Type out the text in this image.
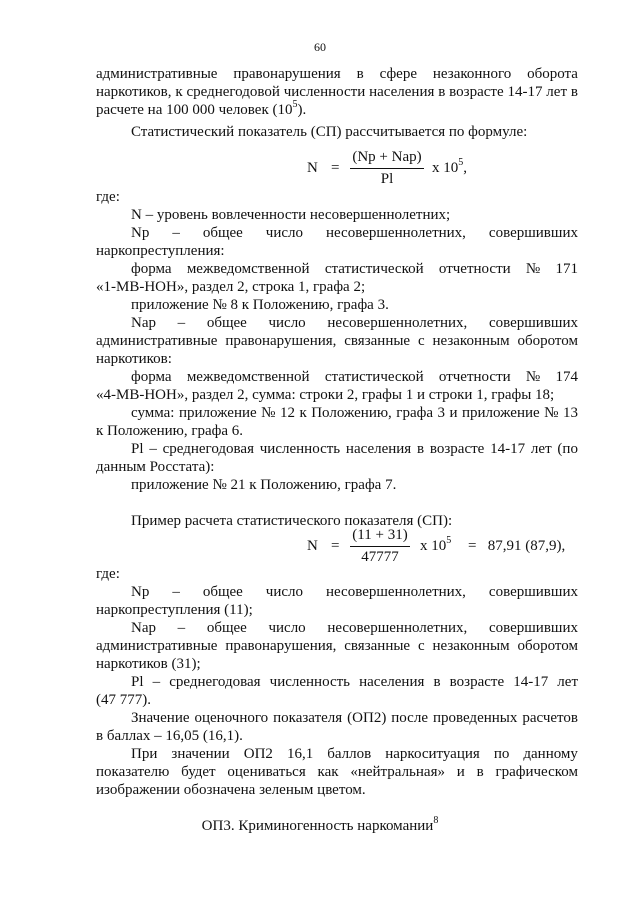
60
административные правонарушения в сфере незаконного оборота
наркотиков, к среднегодовой численности населения в возрасте 14-17 лет в
расчете на 100 000 человек $(10^5)$.
Статистический показатель (СП) рассчитывается по формуле:
N =
(Np + Nap)
Pl
x $10^5$,
где:
N – уровень вовлеченности несовершеннолетних;
Np – общее число несовершеннолетних, совершивших
наркопреступления:
форма межведомственной статистической отчетности № 171
«1-МВ-НОН», раздел 2, строка 1, графа 2;
приложение № 8 к Положению, графа 3.
Nap – общее число несовершеннолетних, совершивших
административные правонарушения, связанные с незаконным оборотом
наркотиков:
форма межведомственной статистической отчетности № 174
«4-МВ-НОН», раздел 2, сумма: строки 2, графы 1 и строки 1, графы 18;
сумма: приложение № 12 к Положению, графа 3 и приложение № 13
к Положению, графа 6.
Pl – среднегодовая численность населения в возрасте 14-17 лет (по
данным Росстата):
приложение № 21 к Положению, графа 7.
Пример расчета статистического показателя (СП):
$N = \frac{(11 + 31)}{47777}$ x $10^5 = 87,91$ (87,9),
где:
Np – общее число несовершеннолетних, совершивших
наркопреступления (11);
Nap – общее число несовершеннолетних, совершивших
административные правонарушения, связанные с незаконным оборотом
наркотиков (31);
Pl – среднегодовая численность населения в возрасте 14-17 лет
(47 777).
Значение оценочного показателя (ОП2) после проведенных расчетов
в баллах – 16,05 (16,1).
При значении ОП2 16,1 баллов наркоситуация по данному
показателю будет оцениваться как «нейтральная» и в графическом
изображении обозначена зеленым цветом.
ОП3. Криминогенность наркомании$^8$
